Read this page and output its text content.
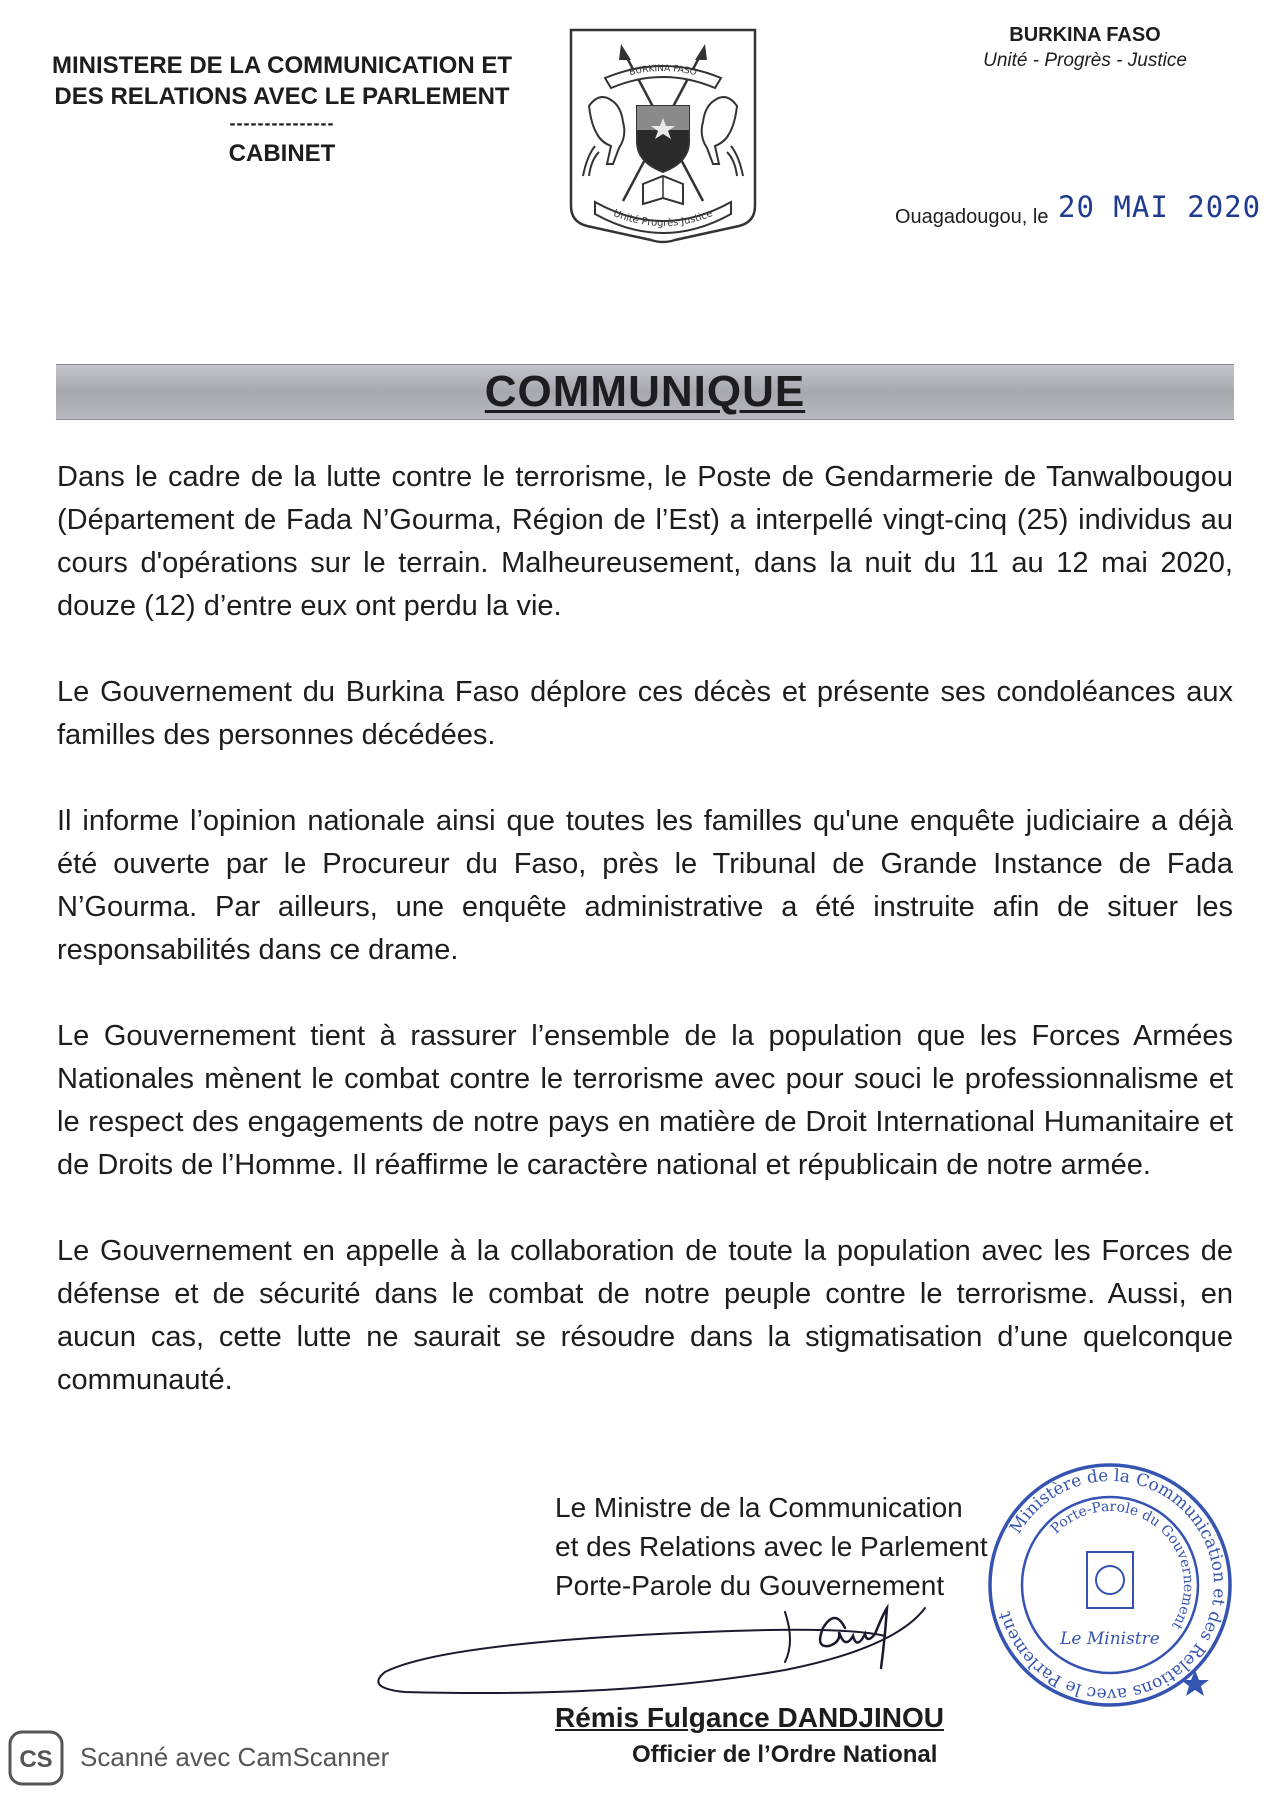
MINISTERE DE LA COMMUNICATION ET
DES RELATIONS AVEC LE PARLEMENT
---------------
CABINET
BURKINA FASO
Unité Progrès Justice
BURKINA FASO
Unité - Progrès - Justice
Ouagadougou, le 20 MAI 2020
COMMUNIQUE

Dans le cadre de la lutte contre le terrorisme, le Poste de Gendarmerie de Tanwalbougou (Département de Fada N’Gourma, Région de l’Est) a interpellé vingt-cinq (25) individus au cours d'opérations sur le terrain. Malheureusement, dans la nuit du 11 au 12 mai 2020, douze (12) d’entre eux ont perdu la vie.

Le Gouvernement du Burkina Faso déplore ces décès et présente ses condoléances aux familles des personnes décédées.

Il informe l’opinion nationale ainsi que toutes les familles qu'une enquête judiciaire a déjà été ouverte par le Procureur du Faso, près le Tribunal de Grande Instance de Fada N’Gourma. Par ailleurs, une enquête administrative a été instruite afin de situer les responsabilités dans ce drame.

Le Gouvernement tient à rassurer l’ensemble de la population que les Forces Armées Nationales mènent le combat contre le terrorisme avec pour souci le professionnalisme et le respect des engagements de notre pays en matière de Droit International Humanitaire et de Droits de l’Homme. Il réaffirme le caractère national et républicain de notre armée.

Le Gouvernement en appelle à la collaboration de toute la population avec les Forces de défense et de sécurité dans le combat de notre peuple contre le terrorisme. Aussi, en aucun cas, cette lutte ne saurait se résoudre dans la stigmatisation d’une quelconque communauté.

Le Ministre de la Communication
et des Relations avec le Parlement
Porte-Parole du Gouvernement
Ministère de la Communication et des Relations avec le Parlement
Porte-Parole du Gouvernement
Le Ministre
Rémis Fulgance DANDJINOU
Officier de l’Ordre National
CS Scanné avec CamScanner
